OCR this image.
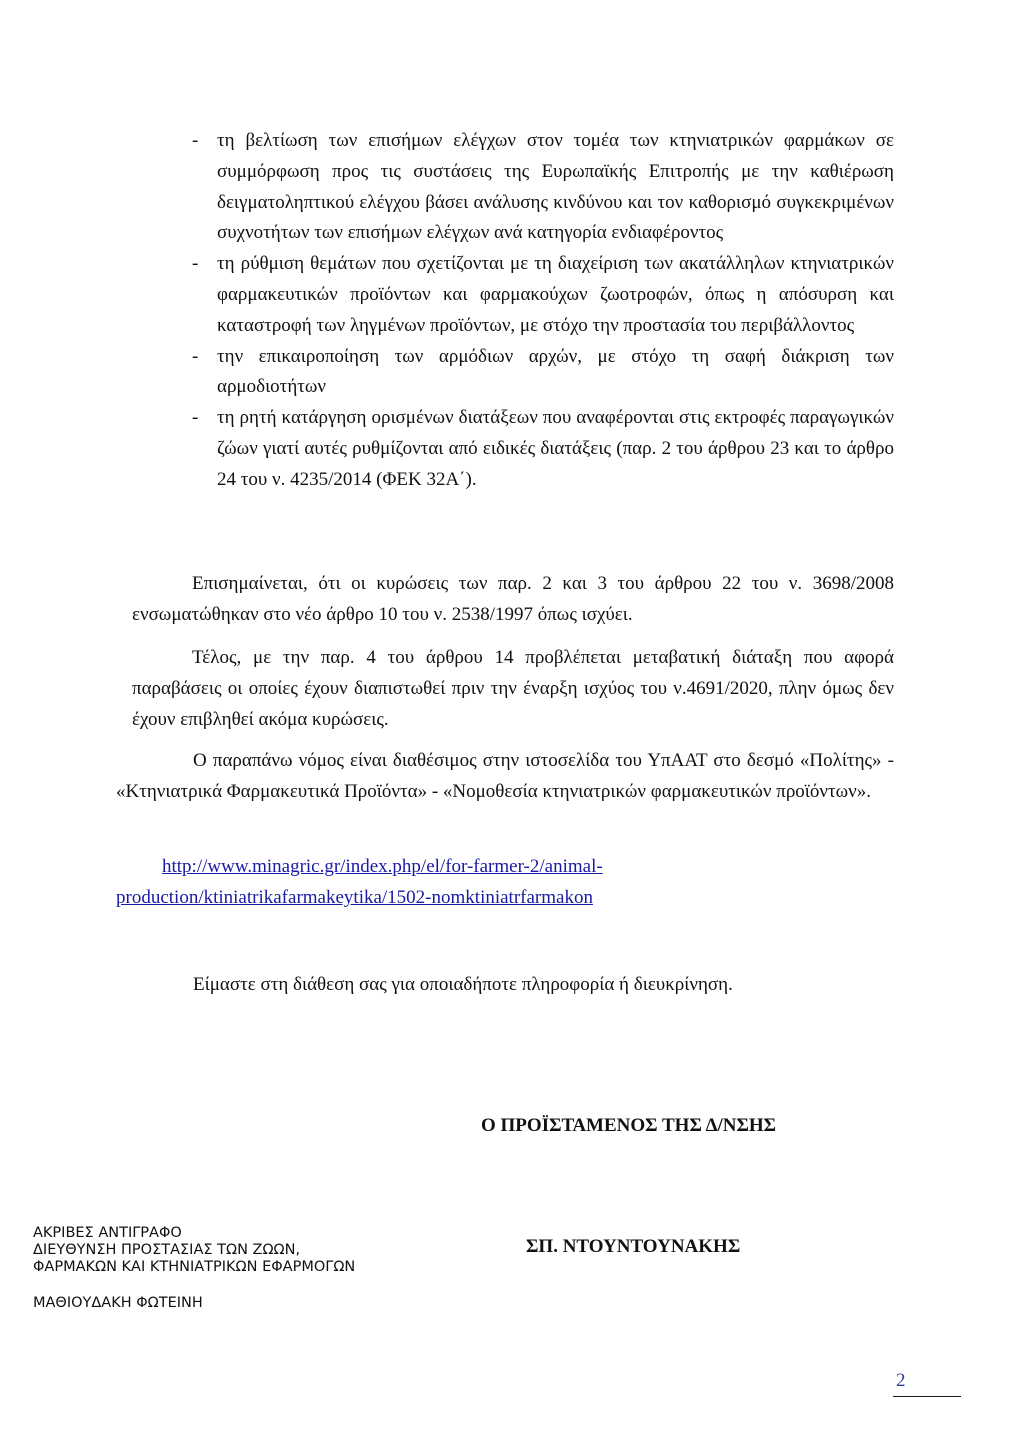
- τη βελτίωση των επισήμων ελέγχων στον τομέα των κτηνιατρικών φαρμάκων σε συμμόρφωση προς τις συστάσεις της Ευρωπαϊκής Επιτροπής με την καθιέρωση δειγματοληπτικού ελέγχου βάσει ανάλυσης κινδύνου και τον καθορισμό συγκεκριμένων συχνοτήτων των επισήμων ελέγχων ανά κατηγορία ενδιαφέροντος

- τη ρύθμιση θεμάτων που σχετίζονται με τη διαχείριση των ακατάλληλων κτηνιατρικών φαρμακευτικών προϊόντων και φαρμακούχων ζωοτροφών, όπως η απόσυρση και καταστροφή των ληγμένων προϊόντων, με στόχο την προστασία του περιβάλλοντος

- την επικαιροποίηση των αρμόδιων αρχών, με στόχο τη σαφή διάκριση των αρμοδιοτήτων

- τη ρητή κατάργηση ορισμένων διατάξεων που αναφέρονται στις εκτροφές παραγωγικών ζώων γιατί αυτές ρυθμίζονται από ειδικές διατάξεις (παρ. 2 του άρθρου 23 και το άρθρο 24 του ν. 4235/2014 (ΦΕΚ 32Α΄).

Επισημαίνεται, ότι οι κυρώσεις των παρ. 2 και 3 του άρθρου 22 του ν. 3698/2008 ενσωματώθηκαν στο νέο άρθρο 10 του ν. 2538/1997 όπως ισχύει.

Τέλος, με την παρ. 4 του άρθρου 14 προβλέπεται μεταβατική διάταξη που αφορά παραβάσεις οι οποίες έχουν διαπιστωθεί πριν την έναρξη ισχύος του ν.4691/2020, πλην όμως δεν έχουν επιβληθεί ακόμα κυρώσεις.

Ο παραπάνω νόμος είναι διαθέσιμος στην ιστοσελίδα του ΥπΑΑΤ στο δεσμό «Πολίτης» - «Κτηνιατρικά Φαρμακευτικά Προϊόντα» - «Νομοθεσία κτηνιατρικών φαρμακευτικών προϊόντων».

http://www.minagric.gr/index.php/el/for-farmer-2/animal-
production/ktiniatrikafarmakeytika/1502-nomktiniatrfarmakon

Είμαστε στη διάθεση σας για οποιαδήποτε πληροφορία ή διευκρίνηση.

Ο ΠΡΟΪΣΤΑΜΕΝΟΣ ΤΗΣ Δ/ΝΣΗΣ

ΑΚΡΙΒΕΣ ΑΝΤΙΓΡΑΦΟ
ΔΙΕΥΘΥΝΣΗ ΠΡΟΣΤΑΣΙΑΣ ΤΩΝ ΖΩΩΝ,
ΦΑΡΜΑΚΩΝ ΚΑΙ ΚΤΗΝΙΑΤΡΙΚΩΝ ΕΦΑΡΜΟΓΩΝ
ΜΑΘΙΟΥΔΑΚΗ ΦΩΤΕΙΝΗ

ΣΠ. ΝΤΟΥΝΤΟΥΝΑΚΗΣ

2
